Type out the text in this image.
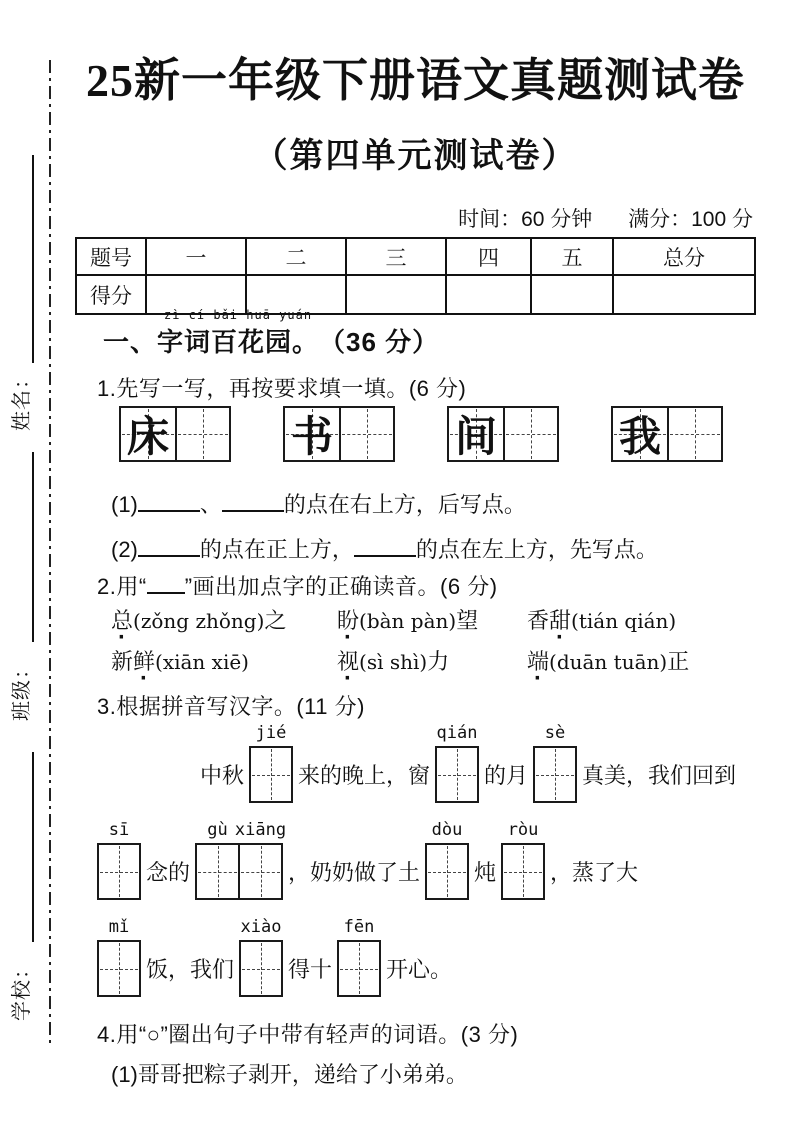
姓名：
班级：
学校：
25新一年级下册语文真题测试卷
（第四单元测试卷）
时间：60 分钟 满分：100 分
题号	一	二	三	四	五	总分
得分
一、
zì cí bǎi huā yuán
字词百花园。 （36 分）
1.先写一写，再按要求填一填。(6 分)
床	书	间	我
(1)	、	的点在右上方，后写点。
(2)	的点在正上方，	的点在左上方，先写点。
2.用“ ”画出加点字的正确读音。(6 分)
总(zǒng zhǒng)之 盼(bàn pàn)望 香甜(tián qián)
新鲜(xiān xiē)	视(sì shì)力	端(duān tuān)正
3.根据拼音写汉字。(11 分)
中秋
jié
来的晚上，窗
qián
的月
sè
真美，我们回到
sī
念的
gù xiāng
，奶奶做了土
dòu
炖
ròu
，蒸了大
mǐ
饭，我们
xiào
得十
fēn
开心。
4.用“○”圈出句子中带有轻声的词语。(3 分)
(1)哥哥把粽子剥开，递给了小弟弟。
